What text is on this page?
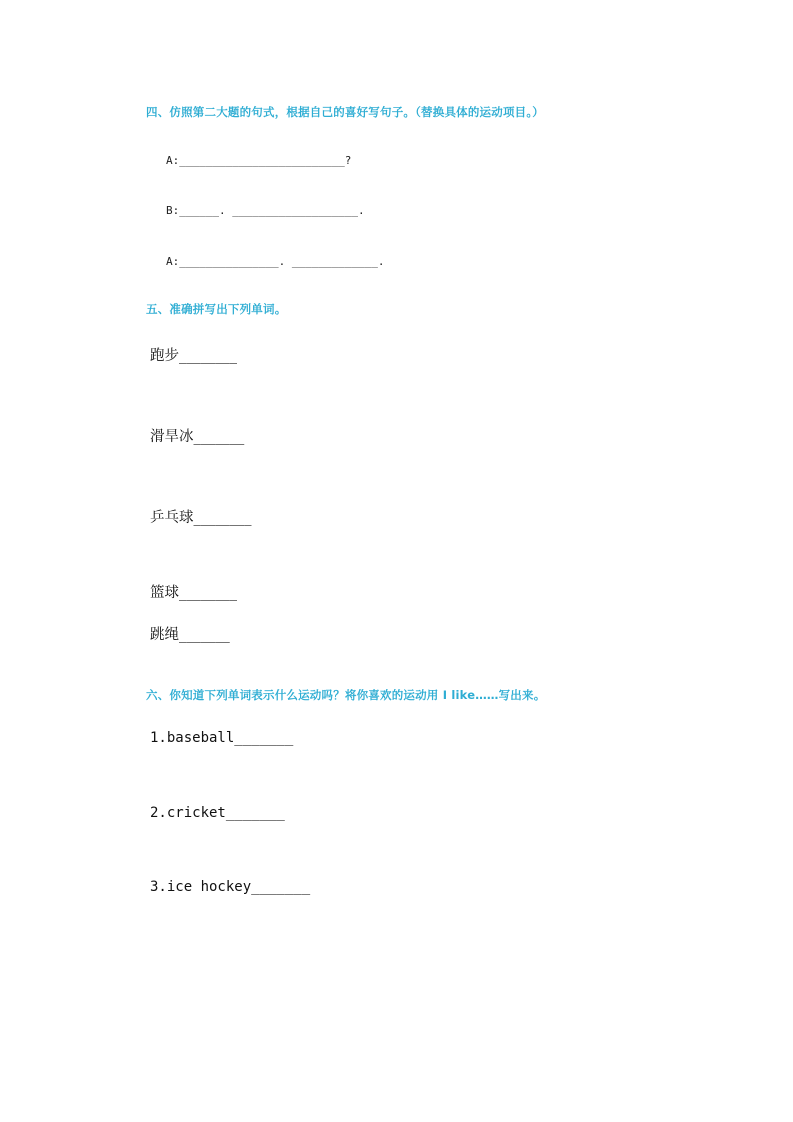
四、仿照第二大题的句式，根据自己的喜好写句子。（替换具体的运动项目。）

A:_________________________?
B:______. ___________________.
A:_______________. _____________.

五、准确拼写出下列单词。

跑步________
滑旱冰_______
乒乓球________
篮球________
跳绳_______

六、你知道下列单词表示什么运动吗？将你喜欢的运动用 I like……写出来。

1.baseball_______
2.cricket_______
3.ice hockey_______
